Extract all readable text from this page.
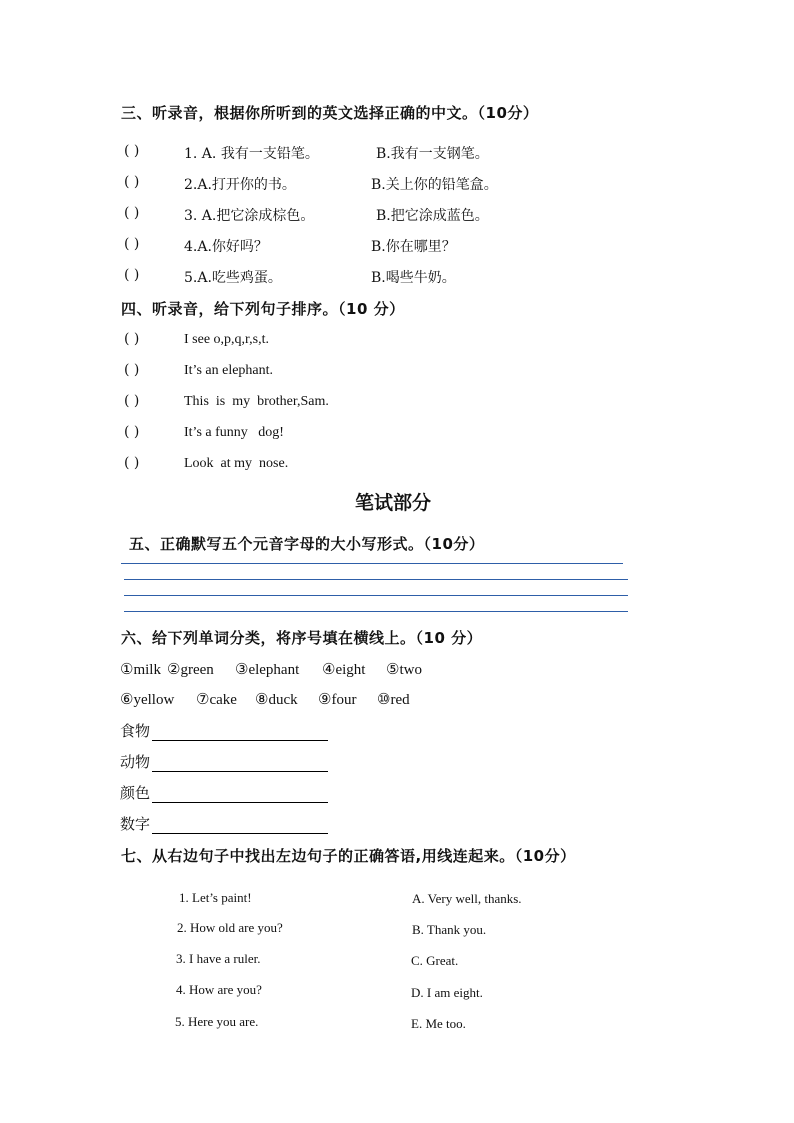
三、听录音，根据你所听到的英文选择正确的中文。（10分）
( )	1. A. 我有一支铅笔。	B.我有一支钢笔。
( )	2.A.打开你的书。	B.关上你的铅笔盒。
( )	3. A.把它涂成棕色。	B.把它涂成蓝色。
( )	4.A.你好吗？	B.你在哪里？
( )	5.A.吃些鸡蛋。	B.喝些牛奶。
四、听录音，给下列句子排序。（10 分）
( )	I see o,p,q,r,s,t.
( )	It’s an elephant.
( )	This  is  my  brother,Sam.
( )	It’s a funny   dog!
( )	Look  at my  nose.
笔试部分
五、正确默写五个元音字母的大小写形式。（10分）
六、给下列单词分类，将序号填在横线上。（10 分）
①milk ②green ③elephant ④eight ⑤two
⑥yellow ⑦cake ⑧duck ⑨four ⑩red
食物
动物
颜色
数字
七、从右边句子中找出左边句子的正确答语,用线连起来。（10分）
1. Let’s paint!
2. How old are you?
3. I have a ruler.
4. How are you?
5. Here you are.
A. Very well, thanks.
B. Thank you.
C. Great.
D. I am eight.
E. Me too.
